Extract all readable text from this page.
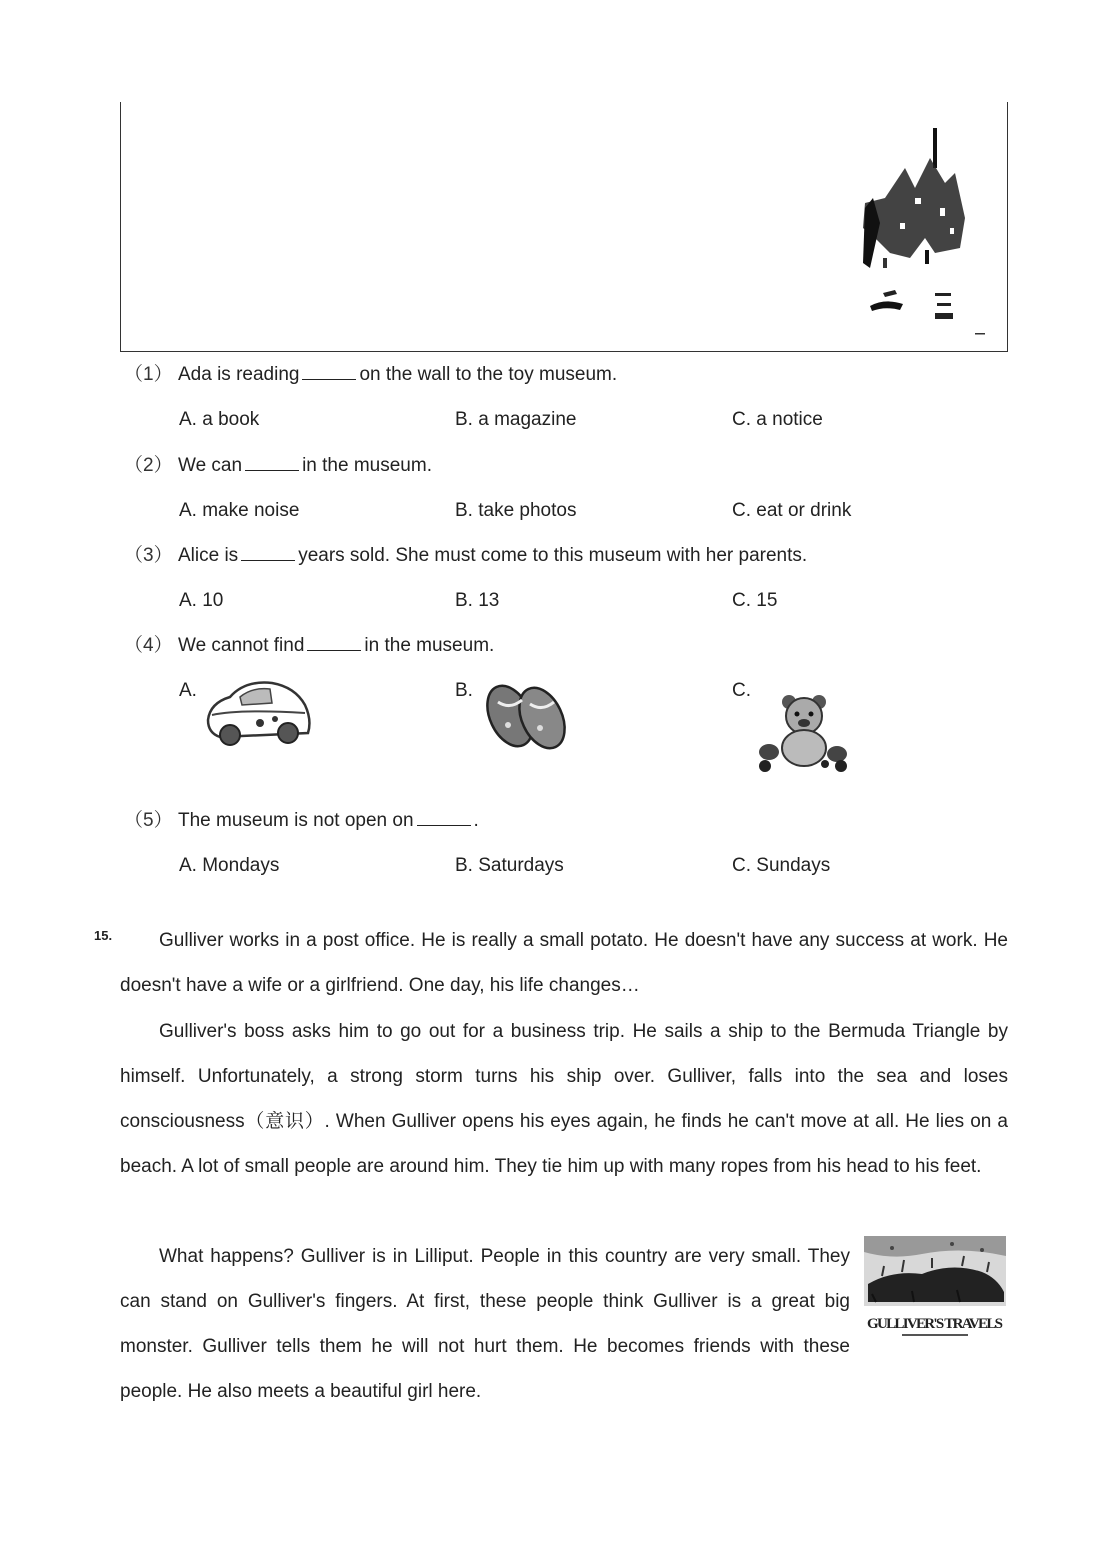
（1） Ada is reading	on the wall to the toy museum.
A. a book	B. a magazine	C. a notice
（2） We can	in the museum.
A. make noise	B. take photos	C. eat or drink
（3） Alice is	years sold. She must come to this museum with her parents.
A. 10	B. 13	C. 15
（4） We cannot find	in the museum.
A.	B.	C.
（5） The museum is not open on	.
A. Mondays	B. Saturdays	C. Sundays
15.	Gulliver works in a post office. He is really a small potato. He doesn't have any success at work. He doesn't have a wife or a girlfriend. One day, his life changes…
Gulliver's boss asks him to go out for a business trip. He sails a ship to the Bermuda Triangle by himself. Unfortunately, a strong storm turns his ship over. Gulliver, falls into the sea and loses consciousness（意识）. When Gulliver opens his eyes again, he finds he can't move at all. He lies on a beach. A lot of small people are around him. They tie him up with many ropes from his head to his feet.
What happens? Gulliver is in Lilliput. People in this country are very small. They can stand on Gulliver's fingers. At first, these people think Gulliver is a great big monster. Gulliver tells them he will not hurt them. He becomes friends with these people. He also meets a beautiful girl here.
GULLIVER'S TRAVELS
